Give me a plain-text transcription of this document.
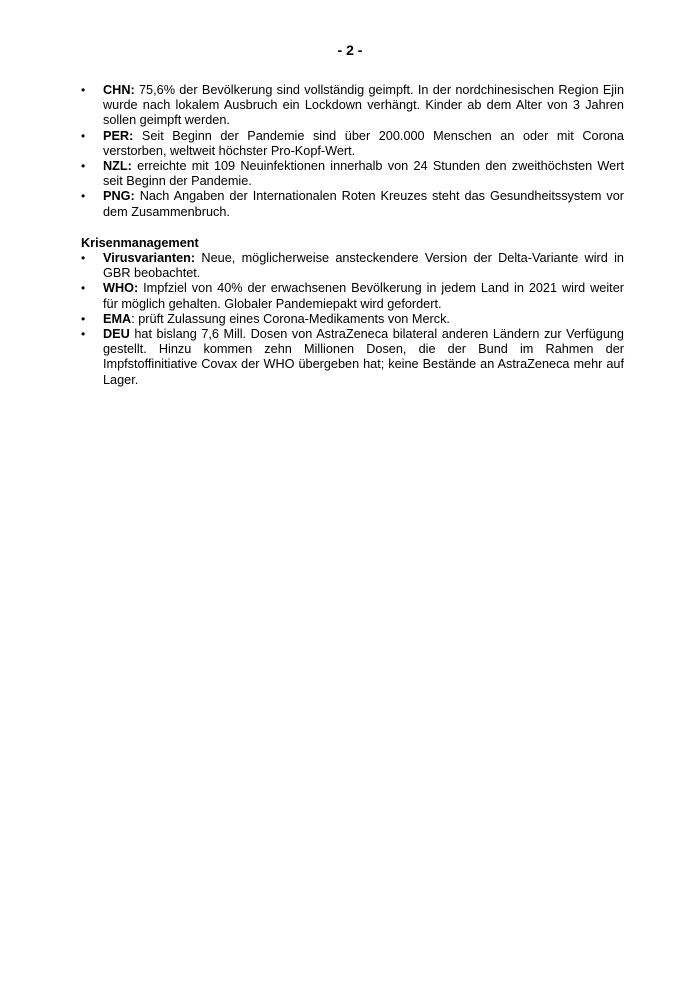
- 2 -
• CHN: 75,6% der Bevölkerung sind vollständig geimpft. In der nordchinesischen Region Ejin wurde nach lokalem Ausbruch ein Lockdown verhängt. Kinder ab dem Alter von 3 Jahren sollen geimpft werden.
• PER: Seit Beginn der Pandemie sind über 200.000 Menschen an oder mit Corona verstorben, weltweit höchster Pro-Kopf-Wert.
• NZL: erreichte mit 109 Neuinfektionen innerhalb von 24 Stunden den zweithöchsten Wert seit Beginn der Pandemie.
• PNG: Nach Angaben der Internationalen Roten Kreuzes steht das Gesundheitssystem vor dem Zusammenbruch.
Krisenmanagement
• Virusvarianten: Neue, möglicherweise ansteckendere Version der Delta-Variante wird in GBR beobachtet.
• WHO: Impfziel von 40% der erwachsenen Bevölkerung in jedem Land in 2021 wird weiter für möglich gehalten. Globaler Pandemiepakt wird gefordert.
• EMA: prüft Zulassung eines Corona-Medikaments von Merck.
• DEU hat bislang 7,6 Mill. Dosen von AstraZeneca bilateral anderen Ländern zur Verfügung gestellt. Hinzu kommen zehn Millionen Dosen, die der Bund im Rahmen der Impfstoffinitiative Covax der WHO übergeben hat; keine Bestände an AstraZeneca mehr auf Lager.
